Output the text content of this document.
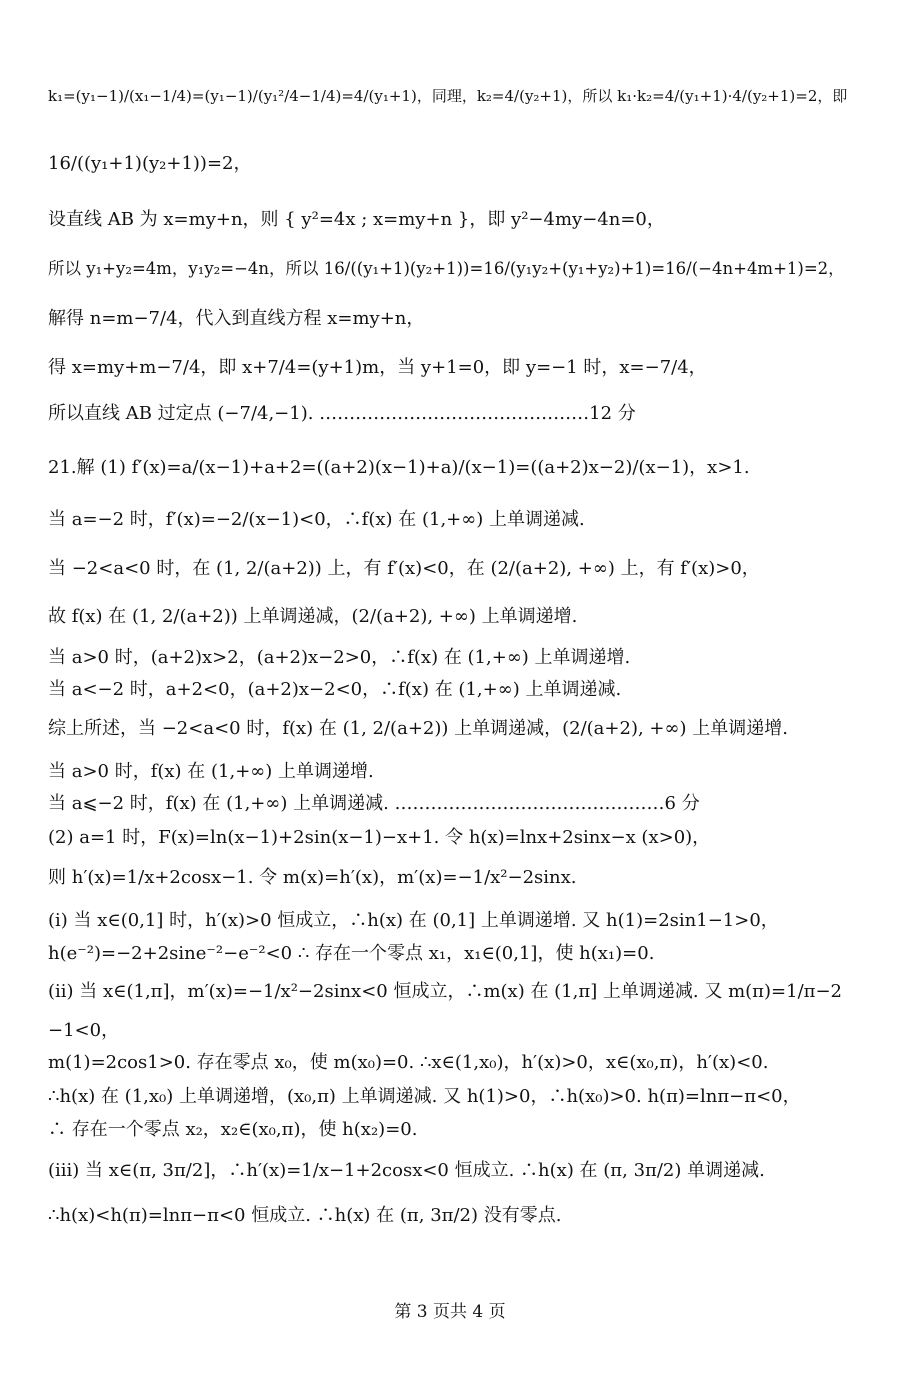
k₁=(y₁−1)/(x₁−1/4)=(y₁−1)/(y₁²/4−1/4)=4/(y₁+1)，同理，k₂=4/(y₂+1)，所以 k₁·k₂=4/(y₁+1)·4/(y₂+1)=2，即
16/((y₁+1)(y₂+1))=2，
设直线 AB 为 x=my+n，则 { y²=4x ; x=my+n }，即 y²−4my−4n=0，
所以 y₁+y₂=4m，y₁y₂=−4n，所以 16/((y₁+1)(y₂+1))=16/(y₁y₂+(y₁+y₂)+1)=16/(−4n+4m+1)=2，
解得 n=m−7/4，代入到直线方程 x=my+n，
得 x=my+m−7/4，即 x+7/4=(y+1)m，当 y+1=0，即 y=−1 时，x=−7/4，
所以直线 AB 过定点 (−7/4,−1). ………………………………………12 分
21.解 (1) f′(x)=a/(x−1)+a+2=((a+2)(x−1)+a)/(x−1)=((a+2)x−2)/(x−1)，x>1.
当 a=−2 时，f′(x)=−2/(x−1)<0，∴f(x) 在 (1,+∞) 上单调递减.
当 −2<a<0 时，在 (1, 2/(a+2)) 上，有 f′(x)<0，在 (2/(a+2), +∞) 上，有 f′(x)>0，
故 f(x) 在 (1, 2/(a+2)) 上单调递减，(2/(a+2), +∞) 上单调递增.
当 a>0 时，(a+2)x>2，(a+2)x−2>0，∴f(x) 在 (1,+∞) 上单调递增.
当 a<−2 时，a+2<0，(a+2)x−2<0，∴f(x) 在 (1,+∞) 上单调递减.
综上所述，当 −2<a<0 时，f(x) 在 (1, 2/(a+2)) 上单调递减，(2/(a+2), +∞) 上单调递增.
当 a>0 时，f(x) 在 (1,+∞) 上单调递增.
当 a⩽−2 时，f(x) 在 (1,+∞) 上单调递减. ………………………………………6 分
(2) a=1 时，F(x)=ln(x−1)+2sin(x−1)−x+1. 令 h(x)=lnx+2sinx−x (x>0)，
则 h′(x)=1/x+2cosx−1. 令 m(x)=h′(x)，m′(x)=−1/x²−2sinx.
(i) 当 x∈(0,1] 时，h′(x)>0 恒成立，∴h(x) 在 (0,1] 上单调递增. 又 h(1)=2sin1−1>0，
h(e⁻²)=−2+2sine⁻²−e⁻²<0 ∴ 存在一个零点 x₁，x₁∈(0,1]，使 h(x₁)=0.
(ii) 当 x∈(1,π]，m′(x)=−1/x²−2sinx<0 恒成立，∴m(x) 在 (1,π] 上单调递减. 又 m(π)=1/π−2
−1<0，
m(1)=2cos1>0. 存在零点 x₀，使 m(x₀)=0. ∴x∈(1,x₀)，h′(x)>0，x∈(x₀,π)，h′(x)<0.
∴h(x) 在 (1,x₀) 上单调递增，(x₀,π) 上单调递减. 又 h(1)>0，∴h(x₀)>0. h(π)=lnπ−π<0，
∴ 存在一个零点 x₂，x₂∈(x₀,π)，使 h(x₂)=0.
(iii) 当 x∈(π, 3π/2]，∴h′(x)=1/x−1+2cosx<0 恒成立. ∴h(x) 在 (π, 3π/2) 单调递减.
∴h(x)<h(π)=lnπ−π<0 恒成立. ∴h(x) 在 (π, 3π/2) 没有零点.
第 3 页共 4 页
